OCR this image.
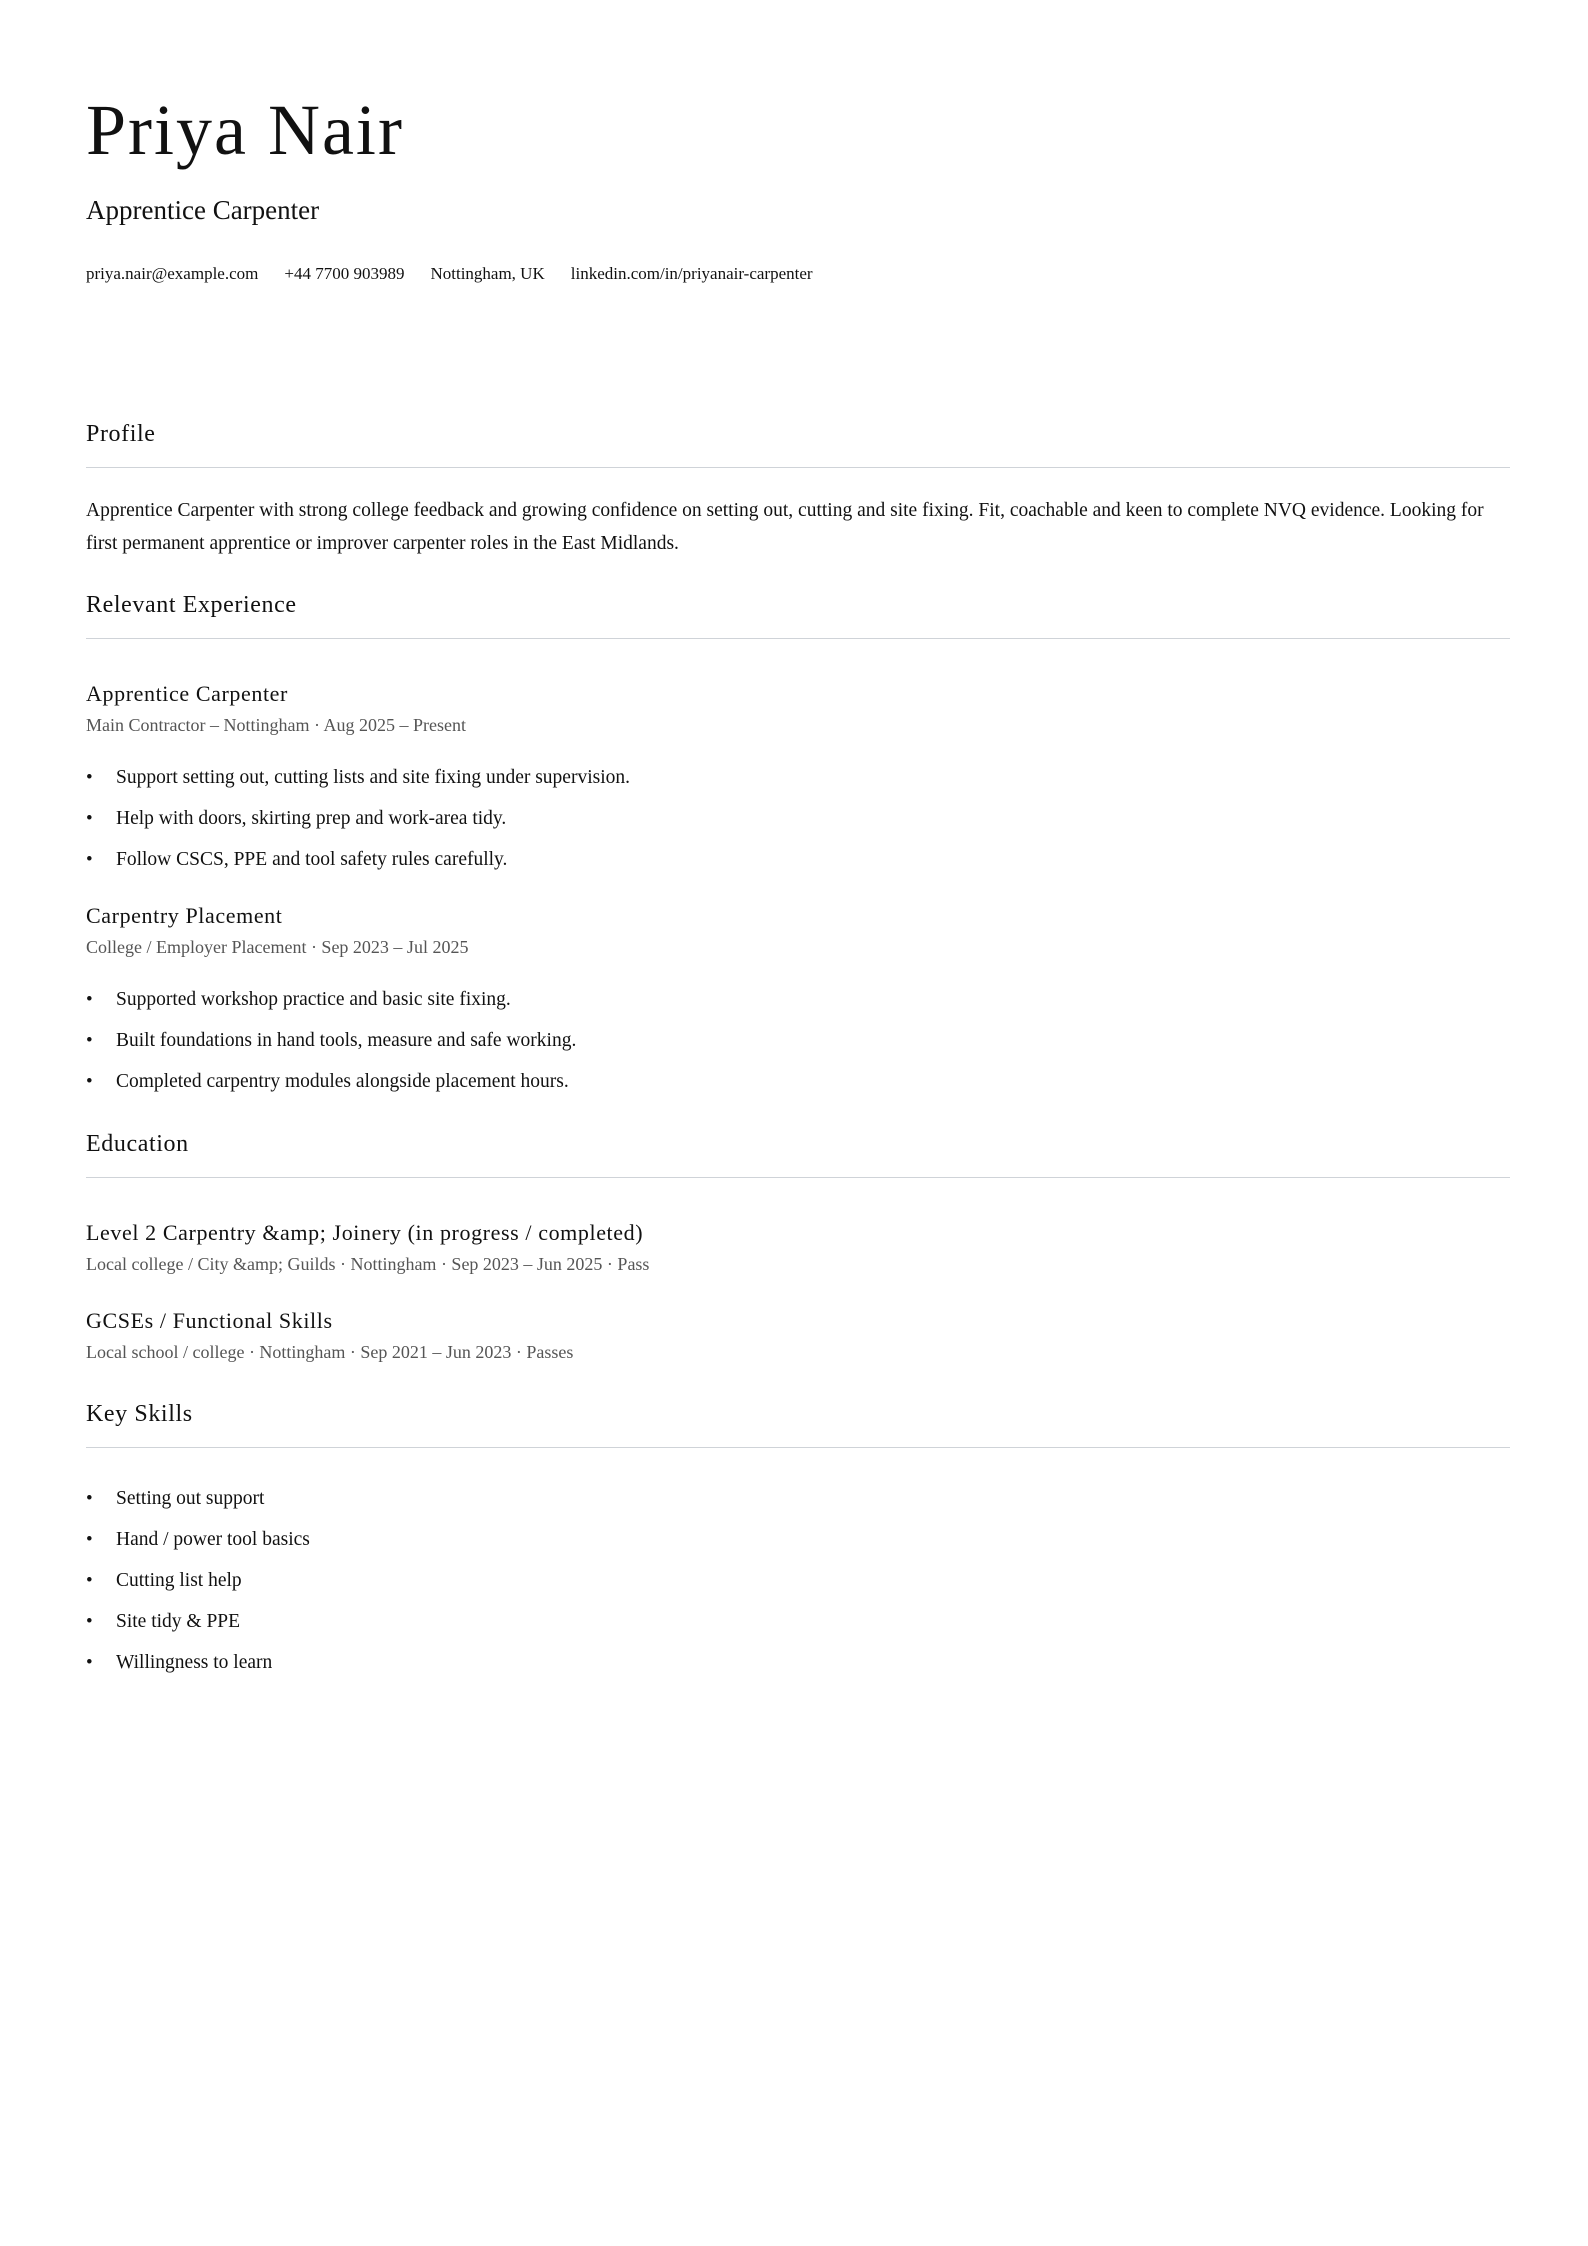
Priya Nair
Apprentice Carpenter
priya.nair@example.com +44 7700 903989 Nottingham, UK linkedin.com/in/priyanair-carpenter
Profile
Apprentice Carpenter with strong college feedback and growing confidence on setting out, cutting and site fixing. Fit, coachable and keen to complete NVQ evidence. Looking for first permanent apprentice or improver carpenter roles in the East Midlands.
Relevant Experience
Apprentice Carpenter
Main Contractor – Nottingham · Aug 2025 – Present
• Support setting out, cutting lists and site fixing under supervision.
• Help with doors, skirting prep and work-area tidy.
• Follow CSCS, PPE and tool safety rules carefully.
Carpentry Placement
College / Employer Placement · Sep 2023 – Jul 2025
• Supported workshop practice and basic site fixing.
• Built foundations in hand tools, measure and safe working.
• Completed carpentry modules alongside placement hours.
Education
Level 2 Carpentry &amp; Joinery (in progress / completed)
Local college / City &amp; Guilds · Nottingham · Sep 2023 – Jun 2025 · Pass
GCSEs / Functional Skills
Local school / college · Nottingham · Sep 2021 – Jun 2023 · Passes
Key Skills
• Setting out support
• Hand / power tool basics
• Cutting list help
• Site tidy & PPE
• Willingness to learn
